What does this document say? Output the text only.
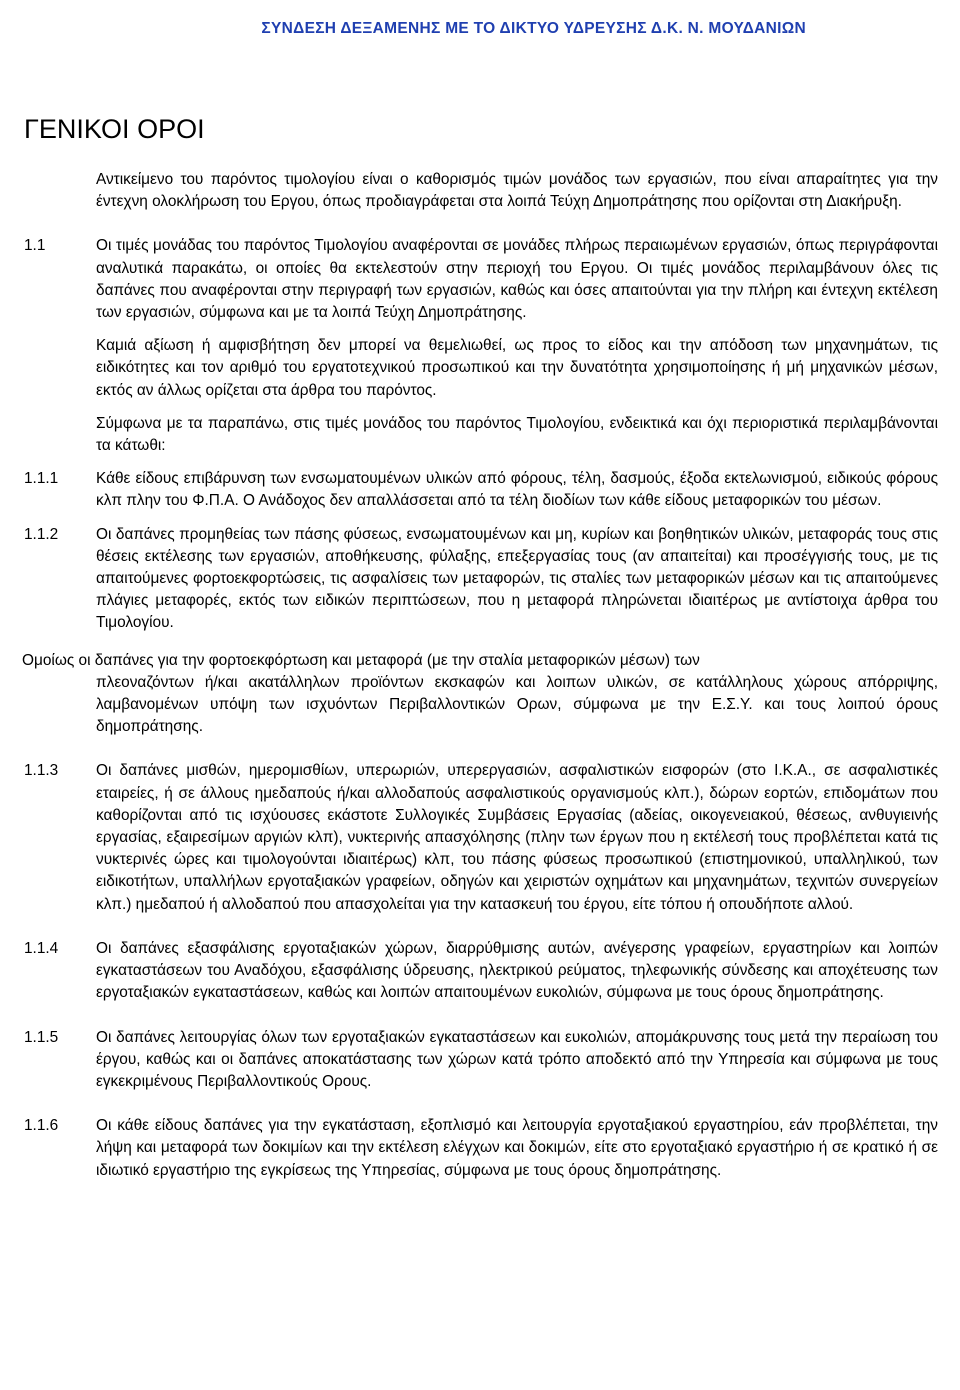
ΣΥΝΔΕΣΗ ΔΕΞΑΜΕΝΗΣ ΜΕ ΤΟ ΔΙΚΤΥΟ ΥΔΡΕΥΣΗΣ Δ.Κ. Ν. ΜΟΥΔΑΝΙΩΝ
ΓΕΝΙΚΟΙ ΟΡΟΙ

Αντικείμενο του παρόντος τιμολογίου είναι ο καθορισμός τιμών μονάδος των εργασιών, που είναι απαραίτητες για την έντεχνη ολοκλήρωση του Εργου, όπως προδιαγράφεται στα λοιπά Τεύχη Δημοπράτησης που ορίζονται στη Διακήρυξη.

1.1	Οι τιμές μονάδας του παρόντος Τιμολογίου αναφέρονται σε μονάδες πλήρως περαιωμένων εργασιών, όπως περιγράφονται αναλυτικά παρακάτω, οι οποίες θα εκτελεστούν στην περιοχή του Εργου. Οι τιμές μονάδος περιλαμβάνουν όλες τις δαπάνες που αναφέρονται στην περιγραφή των εργασιών, καθώς και όσες απαιτούνται για την πλήρη και έντεχνη εκτέλεση των εργασιών, σύμφωνα και με τα λοιπά Τεύχη Δημοπράτησης.

Καμιά αξίωση ή αμφισβήτηση δεν μπορεί να θεμελιωθεί, ως προς το είδος και την απόδοση των μηχανημάτων, τις ειδικότητες και τον αριθμό του εργατοτεχνικού προσωπικού και την δυνατότητα χρησιμοποίησης ή μή μηχανικών μέσων, εκτός αν άλλως ορίζεται στα άρθρα του παρόντος.

Σύμφωνα με τα παραπάνω, στις τιμές μονάδος του παρόντος Τιμολογίου, ενδεικτικά και όχι περιοριστικά περιλαμβάνονται τα κάτωθι:

1.1.1	Κάθε είδους επιβάρυνση των ενσωματουμένων υλικών από φόρους, τέλη, δασμούς, έξοδα εκτελωνισμού, ειδικούς φόρους κλπ πλην του Φ.Π.Α. Ο Ανάδοχος δεν απαλλάσσεται από τα τέλη διοδίων των κάθε είδους μεταφορικών του μέσων.
1.1.2	Οι δαπάνες προμηθείας των πάσης φύσεως, ενσωματουμένων και μη, κυρίων και βοηθητικών υλικών, μεταφοράς τους στις θέσεις εκτέλεσης των εργασιών, αποθήκευσης, φύλαξης, επεξεργασίας τους (αν απαιτείται) και προσέγγισής τους, με τις απαιτούμενες φορτοεκφορτώσεις, τις ασφαλίσεις των μεταφορών, τις σταλίες των μεταφορικών μέσων και τις απαιτούμενες πλάγιες μεταφορές, εκτός των ειδικών περιπτώσεων, που η μεταφορά πληρώνεται ιδιαιτέρως με αντίστοιχα άρθρα του Τιμολογίου.

Ομοίως οι δαπάνες για την φορτοεκφόρτωση και μεταφορά (με την σταλία μεταφορικών μέσων) των

πλεοναζόντων ή/και ακατάλληλων προϊόντων εκσκαφών και λοιπων υλικών, σε κατάλληλους χώρους απόρριψης, λαμβανομένων υπόψη των ισχυόντων Περιβαλλοντικών Ορων, σύμφωνα με την Ε.Σ.Υ. και τους λοιπού όρους δημοπράτησης.

1.1.3	Οι δαπάνες μισθών, ημερομισθίων, υπερωριών, υπερεργασιών, ασφαλιστικών εισφορών (στο Ι.Κ.Α., σε ασφαλιστικές εταιρείες, ή σε άλλους ημεδαπούς ή/και αλλοδαπούς ασφαλιστικούς οργανισμούς κλπ.), δώρων εορτών, επιδομάτων που καθορίζονται από τις ισχύουσες εκάστοτε Συλλογικές Συμβάσεις Εργασίας (αδείας, οικογενειακού, θέσεως, ανθυγιεινής εργασίας, εξαιρεσίμων αργιών κλπ), νυκτερινής απασχόλησης (πλην των έργων που η εκτέλεσή τους προβλέπεται κατά τις νυκτερινές ώρες και τιμολογούνται ιδιαιτέρως) κλπ, του πάσης φύσεως προσωπικού (επιστημονικού, υπαλληλικού, των ειδικοτήτων, υπαλλήλων εργοταξιακών γραφείων, οδηγών και χειριστών οχημάτων και μηχανημάτων, τεχνιτών συνεργείων κλπ.) ημεδαπού ή αλλοδαπού που απασχολείται για την κατασκευή του έργου, είτε τόπου ή οπουδήποτε αλλού.
1.1.4	Οι δαπάνες εξασφάλισης εργοταξιακών χώρων, διαρρύθμισης αυτών, ανέγερσης γραφείων, εργαστηρίων και λοιπών εγκαταστάσεων του Αναδόχου, εξασφάλισης ύδρευσης, ηλεκτρικού ρεύματος, τηλεφωνικής σύνδεσης και αποχέτευσης των εργοταξιακών εγκαταστάσεων, καθώς και λοιπών απαιτουμένων ευκολιών, σύμφωνα με τους όρους δημοπράτησης.
1.1.5	Οι δαπάνες λειτουργίας όλων των εργοταξιακών εγκαταστάσεων και ευκολιών, απομάκρυνσης τους μετά την περαίωση του έργου, καθώς και οι δαπάνες αποκατάστασης των χώρων κατά τρόπο αποδεκτό από την Υπηρεσία και σύμφωνα με τους εγκεκριμένους Περιβαλλοντικούς Ορους.
1.1.6	Οι κάθε είδους δαπάνες για την εγκατάσταση, εξοπλισμό και λειτουργία εργοταξιακού εργαστηρίου, εάν προβλέπεται, την λήψη και μεταφορά των δοκιμίων και την εκτέλεση ελέγχων και δοκιμών, είτε στο εργοταξιακό εργαστήριο ή σε κρατικό ή σε ιδιωτικό εργαστήριο της εγκρίσεως της Υπηρεσίας, σύμφωνα με τους όρους δημοπράτησης.
